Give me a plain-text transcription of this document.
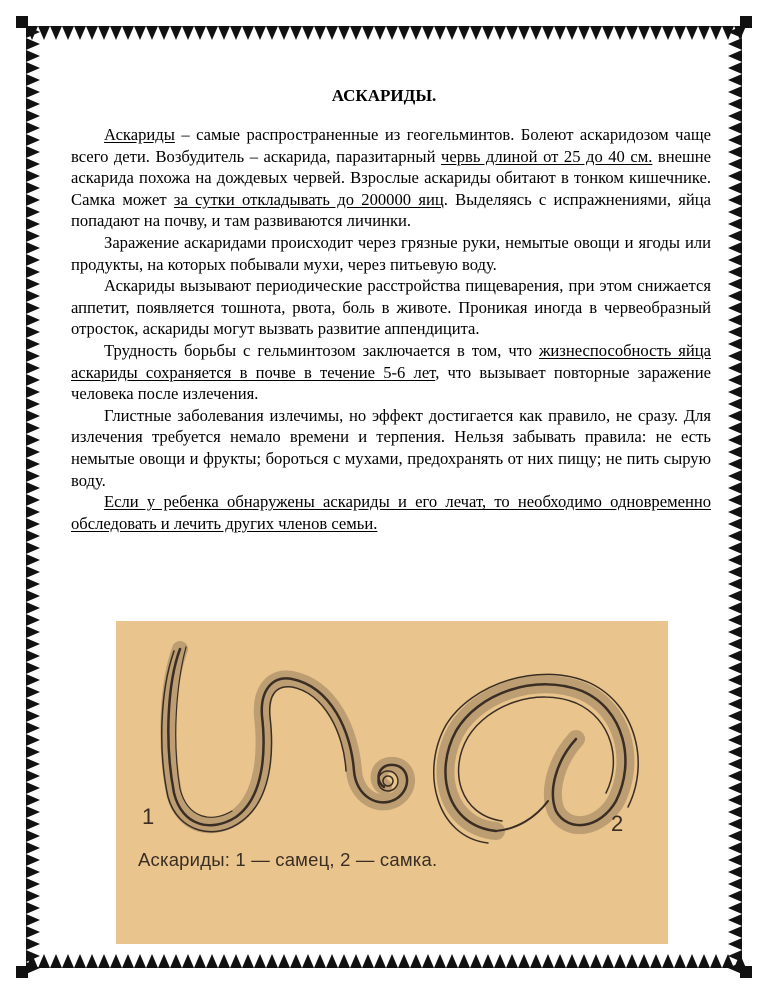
АСКАРИДЫ.

Аскариды – самые распространенные из геогельминтов. Болеют аскаридозом чаще всего дети. Возбудитель – аскарида, паразитарный червь длиной от 25 до 40 см. внешне аскарида похожа на дождевых червей. Взрослые аскариды обитают в тонком кишечнике. Самка может за сутки откладывать до 200000 яиц. Выделяясь с испражнениями, яйца попадают на почву, и там развиваются личинки.

Заражение аскаридами происходит через грязные руки, немытые овощи и ягоды или продукты, на которых побывали мухи, через питьевую воду.

Аскариды вызывают периодические расстройства пищеварения, при этом снижается аппетит, появляется тошнота, рвота, боль в животе. Проникая иногда в червеобразный отросток, аскариды могут вызвать развитие аппендицита.

Трудность борьбы с гельминтозом заключается в том, что жизнеспособность яйца аскариды сохраняется в почве в течение 5-6 лет, что вызывает повторные заражение человека после излечения.

Глистные заболевания излечимы, но эффект достигается как правило, не сразу. Для излечения требуется немало времени и терпения. Нельзя забывать правила: не есть немытые овощи и фрукты; бороться с мухами, предохранять от них пищу; не пить сырую воду.

Если у ребенка обнаружены аскариды и его лечат, то необходимо одновременно обследовать и лечить других членов семьи.

1	2
Аскариды: 1 — самец, 2 — самка.
